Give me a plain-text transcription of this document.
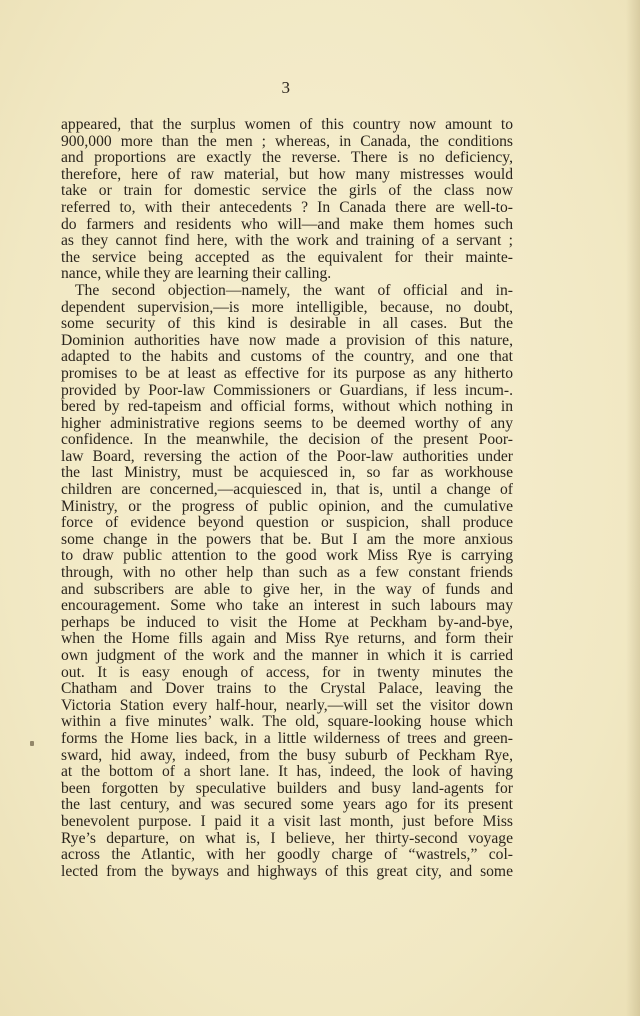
3
appeared, that the surplus women of this country now amount to
900,000 more than the men ; whereas, in Canada, the conditions
and proportions are exactly the reverse. There is no deficiency,
therefore, here of raw material, but how many mistresses would
take or train for domestic service the girls of the class now
referred to, with their antecedents ? In Canada there are well-to-
do farmers and residents who will—and make them homes such
as they cannot find here, with the work and training of a servant ;
the service being accepted as the equivalent for their mainte-
nance, while they are learning their calling.
The second objection—namely, the want of official and in-
dependent supervision,—is more intelligible, because, no doubt,
some security of this kind is desirable in all cases. But the
Dominion authorities have now made a provision of this nature,
adapted to the habits and customs of the country, and one that
promises to be at least as effective for its purpose as any hitherto
provided by Poor-law Commissioners or Guardians, if less incum-.
bered by red-tapeism and official forms, without which nothing in
higher administrative regions seems to be deemed worthy of any
confidence. In the meanwhile, the decision of the present Poor-
law Board, reversing the action of the Poor-law authorities under
the last Ministry, must be acquiesced in, so far as workhouse
children are concerned,—acquiesced in, that is, until a change of
Ministry, or the progress of public opinion, and the cumulative
force of evidence beyond question or suspicion, shall produce
some change in the powers that be. But I am the more anxious
to draw public attention to the good work Miss Rye is carrying
through, with no other help than such as a few constant friends
and subscribers are able to give her, in the way of funds and
encouragement. Some who take an interest in such labours may
perhaps be induced to visit the Home at Peckham by-and-bye,
when the Home fills again and Miss Rye returns, and form their
own judgment of the work and the manner in which it is carried
out. It is easy enough of access, for in twenty minutes the
Chatham and Dover trains to the Crystal Palace, leaving the
Victoria Station every half-hour, nearly,—will set the visitor down
within a five minutes’ walk. The old, square-looking house which
forms the Home lies back, in a little wilderness of trees and green-
sward, hid away, indeed, from the busy suburb of Peckham Rye,
at the bottom of a short lane. It has, indeed, the look of having
been forgotten by speculative builders and busy land-agents for
the last century, and was secured some years ago for its present
benevolent purpose. I paid it a visit last month, just before Miss
Rye’s departure, on what is, I believe, her thirty-second voyage
across the Atlantic, with her goodly charge of “wastrels,” col-
lected from the byways and highways of this great city, and some
